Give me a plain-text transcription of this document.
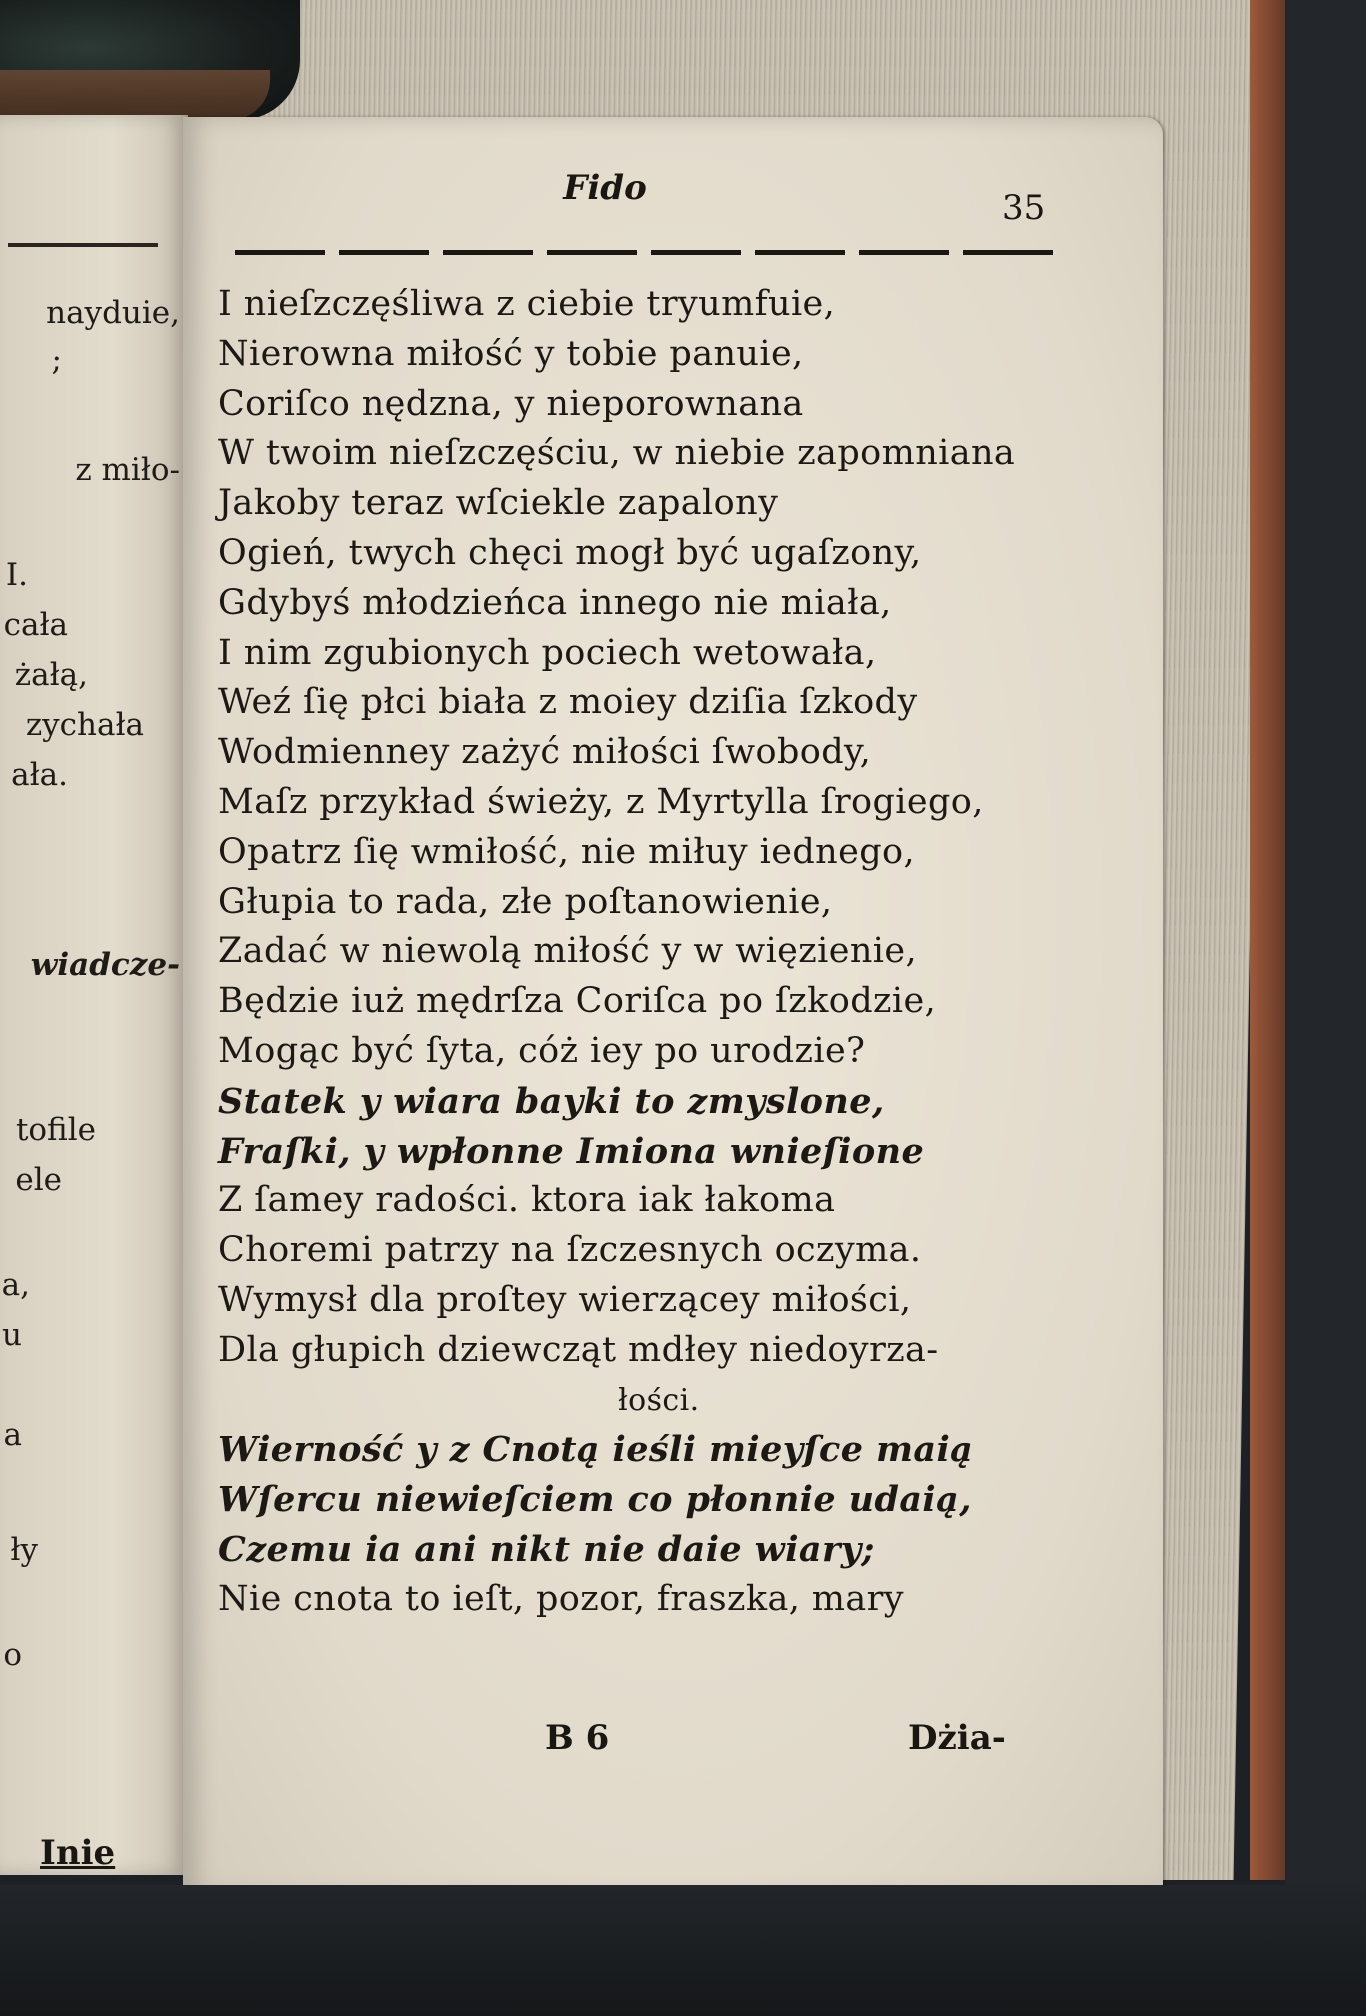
nayduie,
;
z miło-
I.
cała
żałą,
zychała
ała.
wiadcze-
tofile
ele
a,
u
a
ły
o
Inie
Fido	35
I nieſzczęśliwa z ciebie tryumfuie,
Nierowna miłość y tobie panuie,
Coriſco nędzna, y nieporownana
W twoim nieſzczęściu, w niebie zapomniana
Jakoby teraz wſciekle zapalony
Ogień, twych chęci mogł być ugaſzony,
Gdybyś młodzieńca innego nie miała,
I nim zgubionych pociech wetowała,
Weź ſię płci biała z moiey dziſia ſzkody
Wodmienney zażyć miłości ſwobody,
Maſz przykład świeży, z Myrtylla ſrogiego,
Opatrz ſię wmiłość, nie miłuy iednego,
Głupia to rada, złe poſtanowienie,
Zadać w niewolą miłość y w więzienie,
Będzie iuż mędrſza Coriſca po ſzkodzie,
Mogąc być ſyta, cóż iey po urodzie?
Statek y wiara bayki to zmyslone,
Fraſki, y wpłonne Imiona wnieſione
Z ſamey radości. ktora iak łakoma
Choremi patrzy na ſzczesnych oczyma.
Wymysł dla proſtey wierzącey miłości,
Dla głupich dziewcząt mdłey niedoyrza-
łości.
Wierność y z Cnotą ieśli mieyſce maią
Wſercu niewieſciem co płonnie udaią,
Czemu ia ani nikt nie daie wiary;
Nie cnota to ieſt, pozor, fraszka, mary
B 6	Dżia-
